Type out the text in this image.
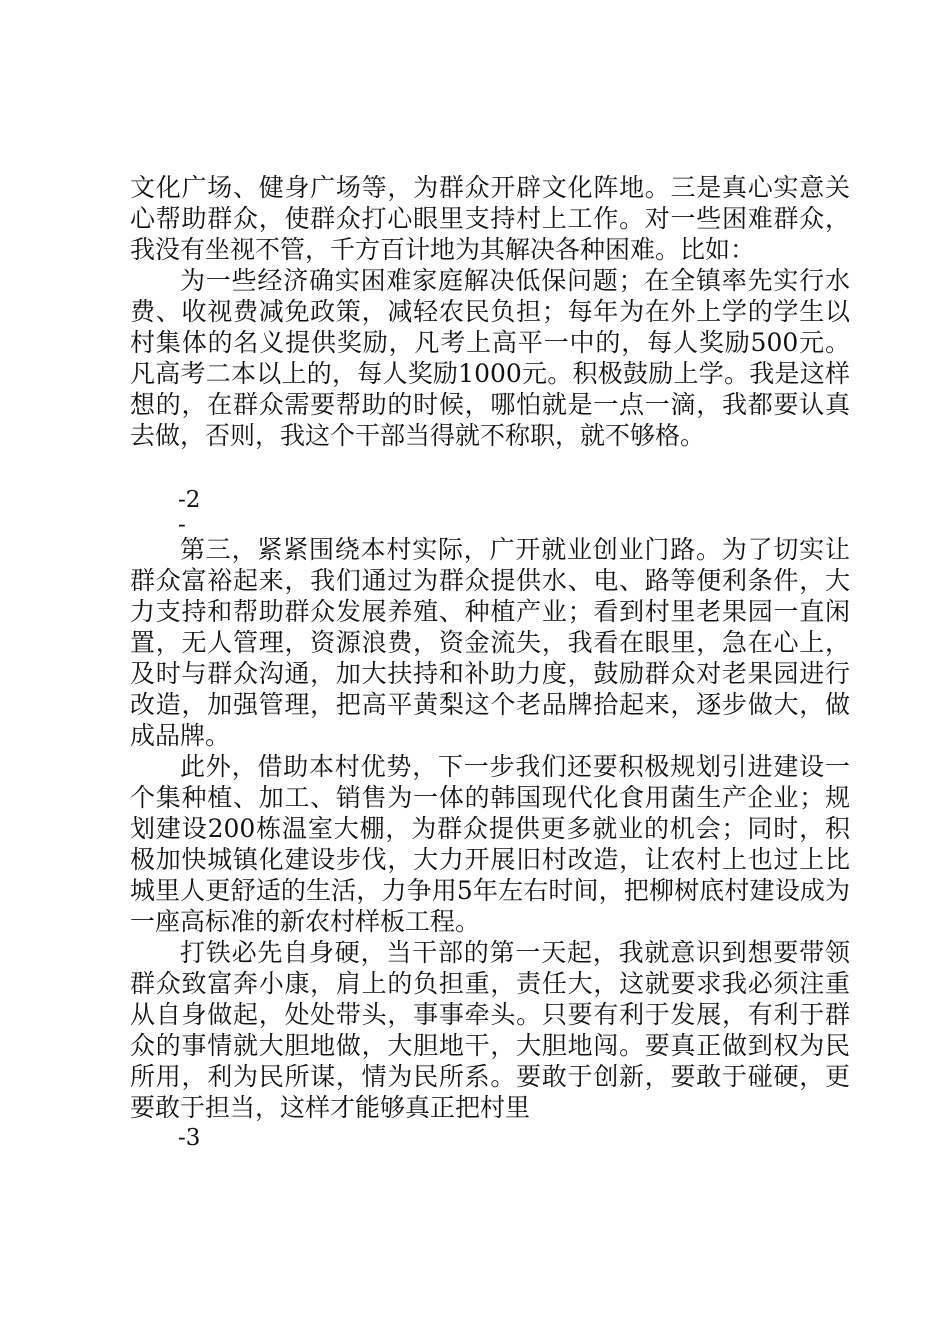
文化广场、健身广场等，为群众开辟文化阵地。三是真心实意关心帮助群众，使群众打心眼里支持村上工作。对一些困难群众，我没有坐视不管，千方百计地为其解决各种困难。比如：

为一些经济确实困难家庭解决低保问题；在全镇率先实行水费、收视费减免政策，减轻农民负担；每年为在外上学的学生以村集体的名义提供奖励，凡考上高平一中的，每人奖励500元。凡高考二本以上的，每人奖励1000元。积极鼓励上学。我是这样想的，在群众需要帮助的时候，哪怕就是一点一滴，我都要认真去做，否则，我这个干部当得就不称职，就不够格。

-2

-

第三，紧紧围绕本村实际，广开就业创业门路。为了切实让群众富裕起来，我们通过为群众提供水、电、路等便利条件，大力支持和帮助群众发展养殖、种植产业；看到村里老果园一直闲置，无人管理，资源浪费，资金流失，我看在眼里，急在心上，及时与群众沟通，加大扶持和补助力度，鼓励群众对老果园进行改造，加强管理，把高平黄梨这个老品牌拾起来，逐步做大，做成品牌。

此外，借助本村优势，下一步我们还要积极规划引进建设一个集种植、加工、销售为一体的韩国现代化食用菌生产企业；规划建设200栋温室大棚，为群众提供更多就业的机会；同时，积极加快城镇化建设步伐，大力开展旧村改造，让农村上也过上比城里人更舒适的生活，力争用5年左右时间，把柳树底村建设成为一座高标准的新农村样板工程。

打铁必先自身硬，当干部的第一天起，我就意识到想要带领群众致富奔小康，肩上的负担重，责任大，这就要求我必须注重从自身做起，处处带头，事事牵头。只要有利于发展，有利于群众的事情就大胆地做，大胆地干，大胆地闯。要真正做到权为民所用，利为民所谋，情为民所系。要敢于创新，要敢于碰硬，更要敢于担当，这样才能够真正把村里

-3
